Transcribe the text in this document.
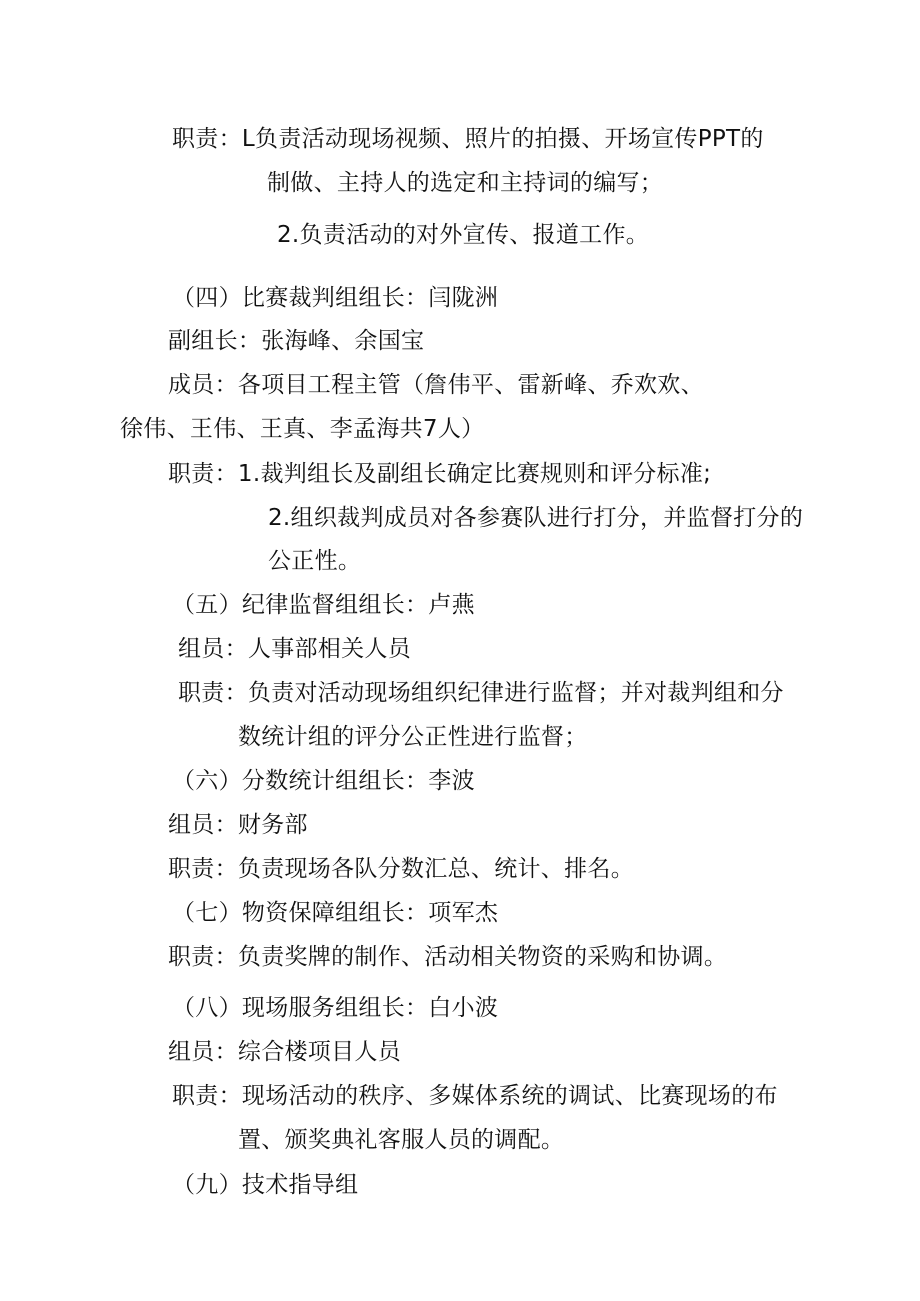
职责：L负责活动现场视频、照片的拍摄、开场宣传PPT的
制做、主持人的选定和主持词的编写；
2.负责活动的对外宣传、报道工作。
（四）比赛裁判组组长：闫陇洲
副组长：张海峰、余国宝
成员：各项目工程主管（詹伟平、雷新峰、乔欢欢、
徐伟、王伟、王真、李孟海共7人）
职责：1.裁判组长及副组长确定比赛规则和评分标准;
2.组织裁判成员对各参赛队进行打分，并监督打分的
公正性。
（五）纪律监督组组长：卢燕
组员：人事部相关人员
职责：负责对活动现场组织纪律进行监督；并对裁判组和分
数统计组的评分公正性进行监督；
（六）分数统计组组长：李波
组员：财务部
职责：负责现场各队分数汇总、统计、排名。
（七）物资保障组组长：项军杰
职责：负责奖牌的制作、活动相关物资的采购和协调。
（八）现场服务组组长：白小波
组员：综合楼项目人员
职责：现场活动的秩序、多媒体系统的调试、比赛现场的布
置、颁奖典礼客服人员的调配。
（九）技术指导组
